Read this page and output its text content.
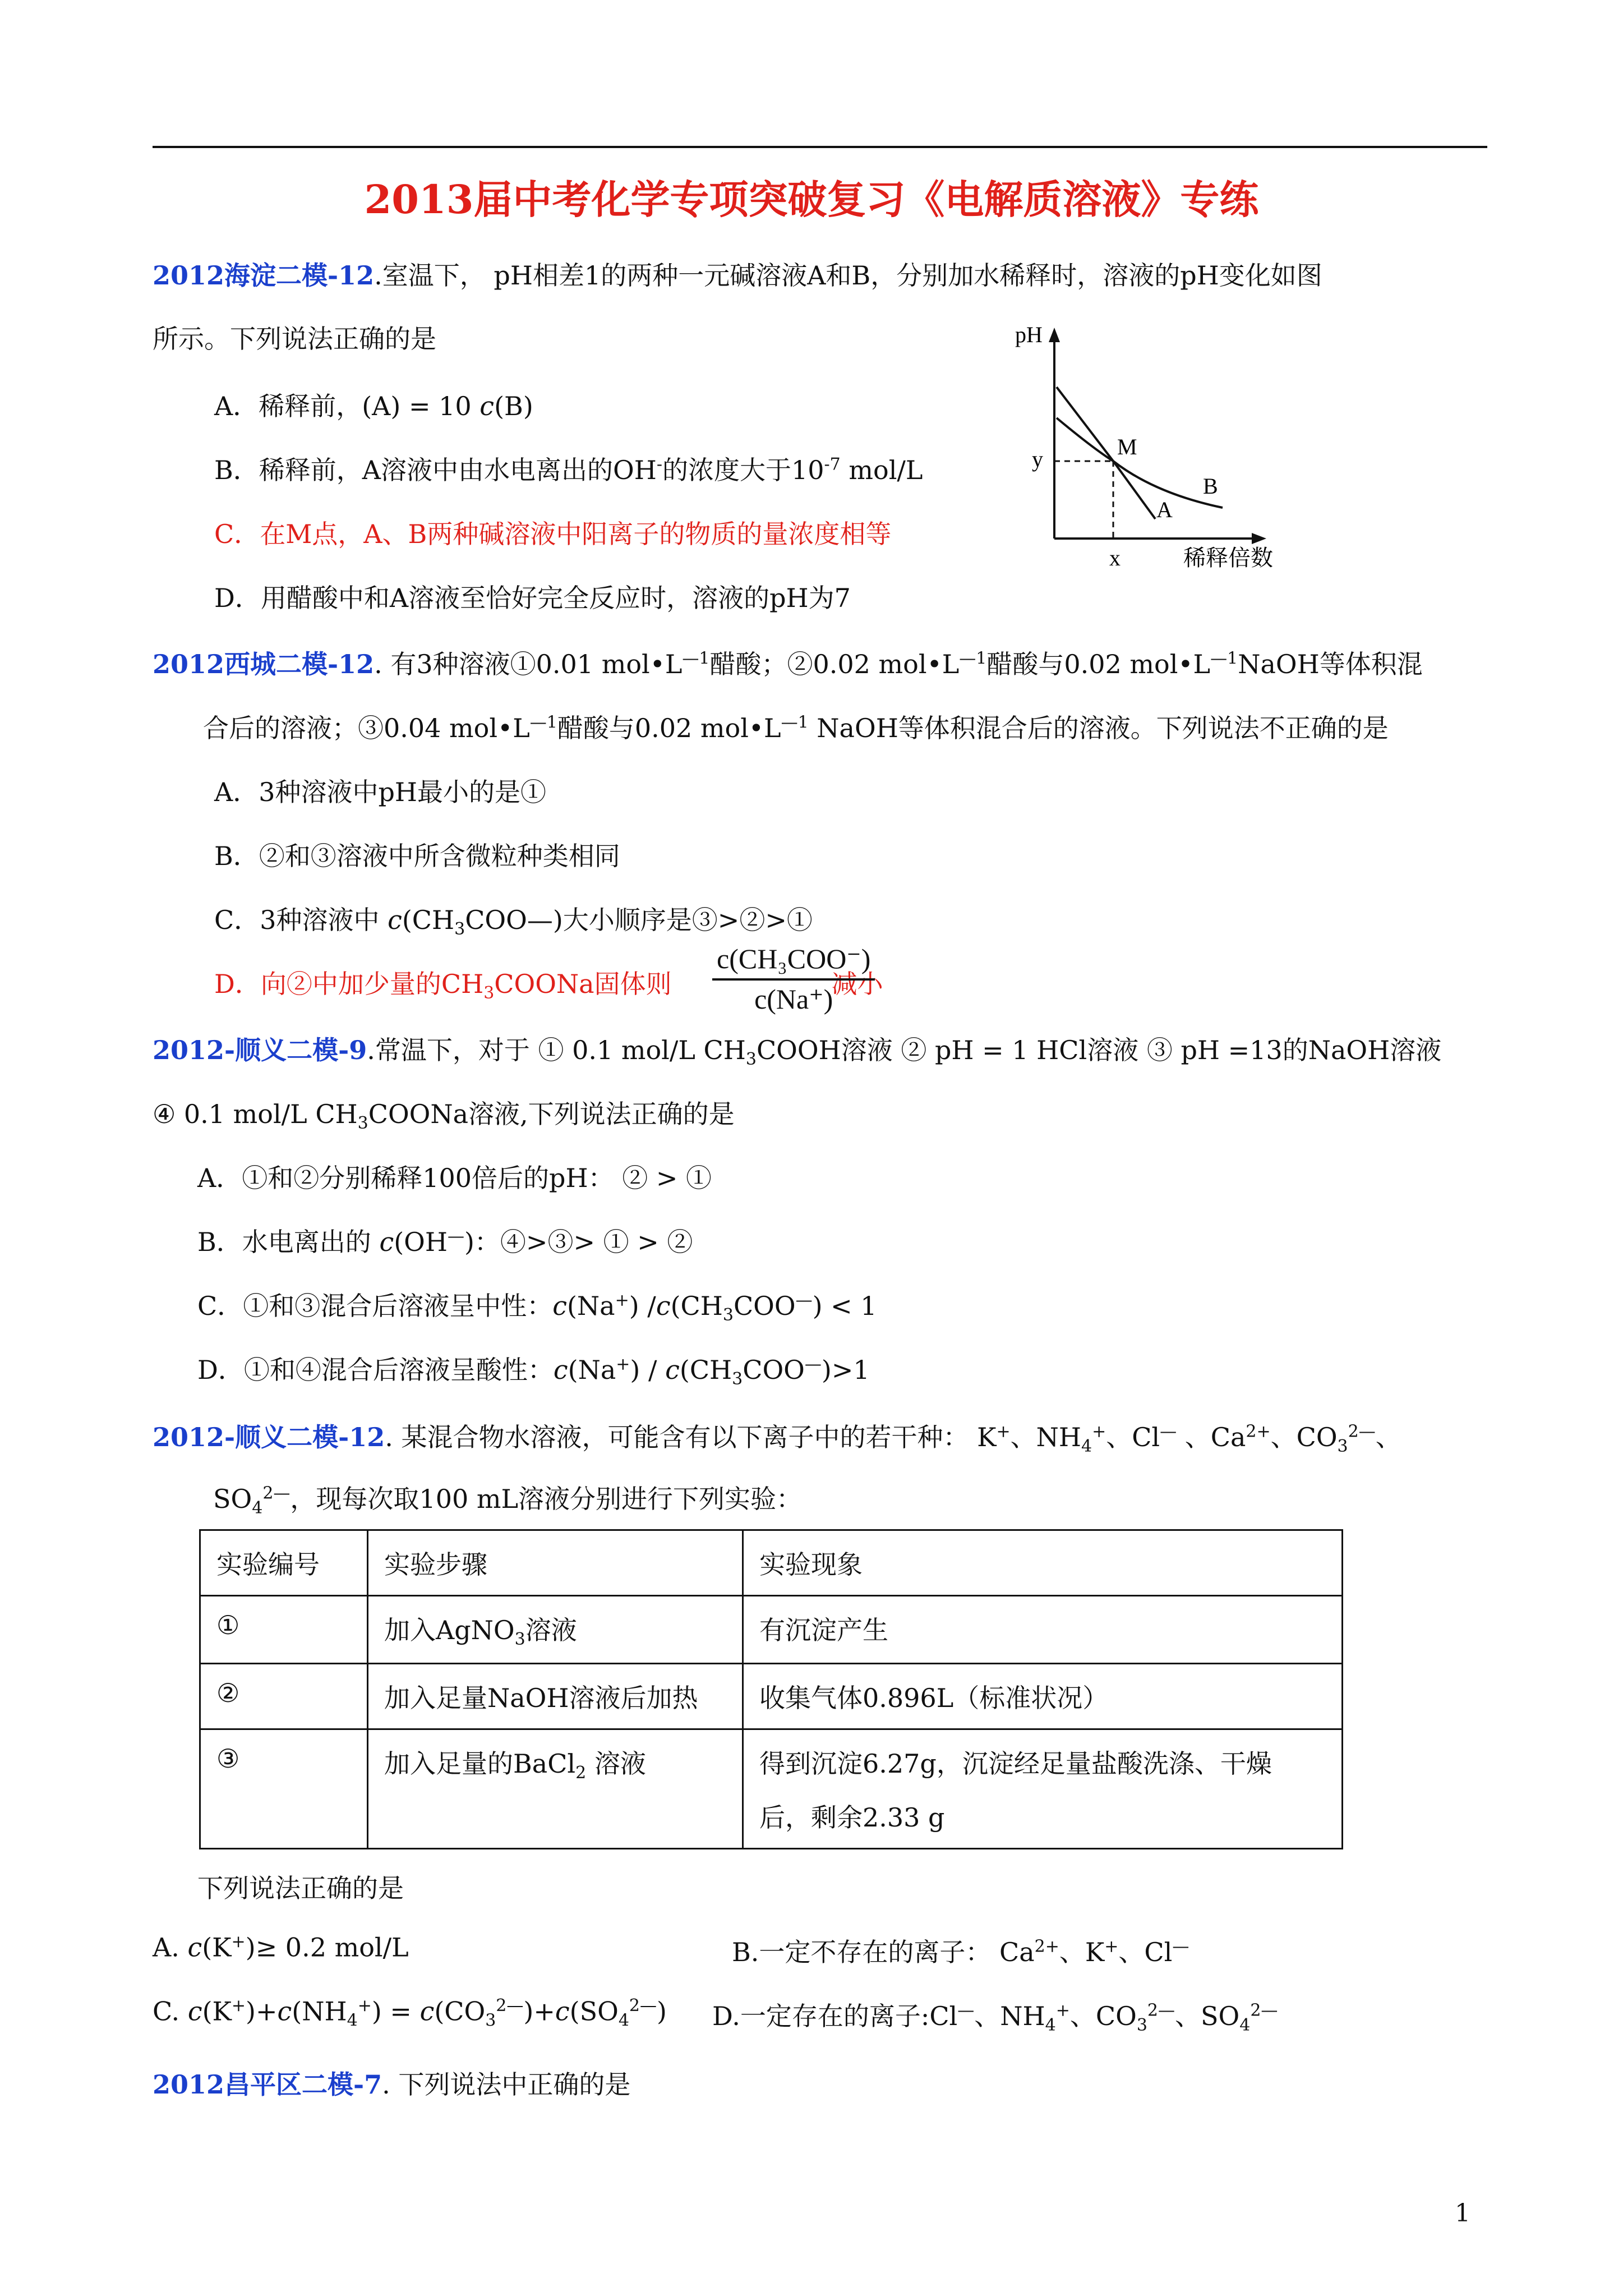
2013届中考化学专项突破复习《电解质溶液》专练
2012海淀二模-12.室温下， pH相差1的两种一元碱溶液A和B，分别加水稀释时，溶液的pH变化如图
所示。下列说法正确的是
A．稀释前，(A) = 10 c(B)
B．稀释前，A溶液中由水电离出的OH-的浓度大于$10^{-7}$ mol/L
C．在M点，A、B两种碱溶液中阳离子的物质的量浓度相等
D．用醋酸中和A溶液至恰好完全反应时，溶液的pH为7
pH
y
x
M
B
A
稀释倍数
2012西城二模-12. 有3种溶液①0.01 $mol•L^{—1}$醋酸；②0.02 $mol•L^{—1}$醋酸与0.02 $mol•L^{—1}NaOH$等体积混
合后的溶液；③0.04 $mol•L^{—1}$醋酸与0.02 $mol•L^{—1}$ NaOH等体积混合后的溶液。下列说法不正确的是
A．3种溶液中pH最小的是①
B．②和③溶液中所含微粒种类相同
C．3种溶液中 $c(CH_3COO—)$大小顺序是③>②>①
D．向②中加少量的$CH_3COONa$固体则	减小
c(CH₃COO⁻)
c(Na⁺)
2012-顺义二模-9.常温下，对于 ① 0.1 mol/L $CH_3COOH$溶液 ② pH = 1 HCl溶液 ③ pH =13的NaOH溶液
④ 0.1 mol/L $CH_3COONa$溶液,下列说法正确的是
A．①和②分别稀释100倍后的pH： ② > ①
B．水电离出的 c(OH—)：④>③> ① > ②
C．①和③混合后溶液呈中性：c(Na+) $/c(CH_3COO^—) < 1$
D．①和④混合后溶液呈酸性：$c(Na^+) / c(CH_3COO^—)>1$
2012-顺义二模-12. 某混合物水溶液，可能含有以下离子中的若干种： K+、$NH_4^+$、Cl— 、$Ca^{2+}$、$CO_3^{2—}$、
$SO_4^{2—}$，现每次取100 mL溶液分别进行下列实验：
实验编号	实验步骤	实验现象
①	加入AgNO$_3$溶液	有沉淀产生
②	加入足量NaOH溶液后加热	收集气体0.896L（标准状况）
③	加入足量的BaCl$_2$ 溶液	得到沉淀6.27g，沉淀经足量盐酸洗涤、干燥
后，剩余2.33 g
下列说法正确的是
A. c(K+)≥ 0.2 mol/L	B.一定不存在的离子： $Ca^{2+}$、K+、Cl—
C. $c(K^+)+c(NH_4^+) = c(CO_3^{2—})+c(SO_4^{2—})$ D.一定存在的离子:Cl—、$NH_4^+$、$CO_3^{2—}$、$SO_4^{2—}$
2012昌平区二模-7. 下列说法中正确的是
1
